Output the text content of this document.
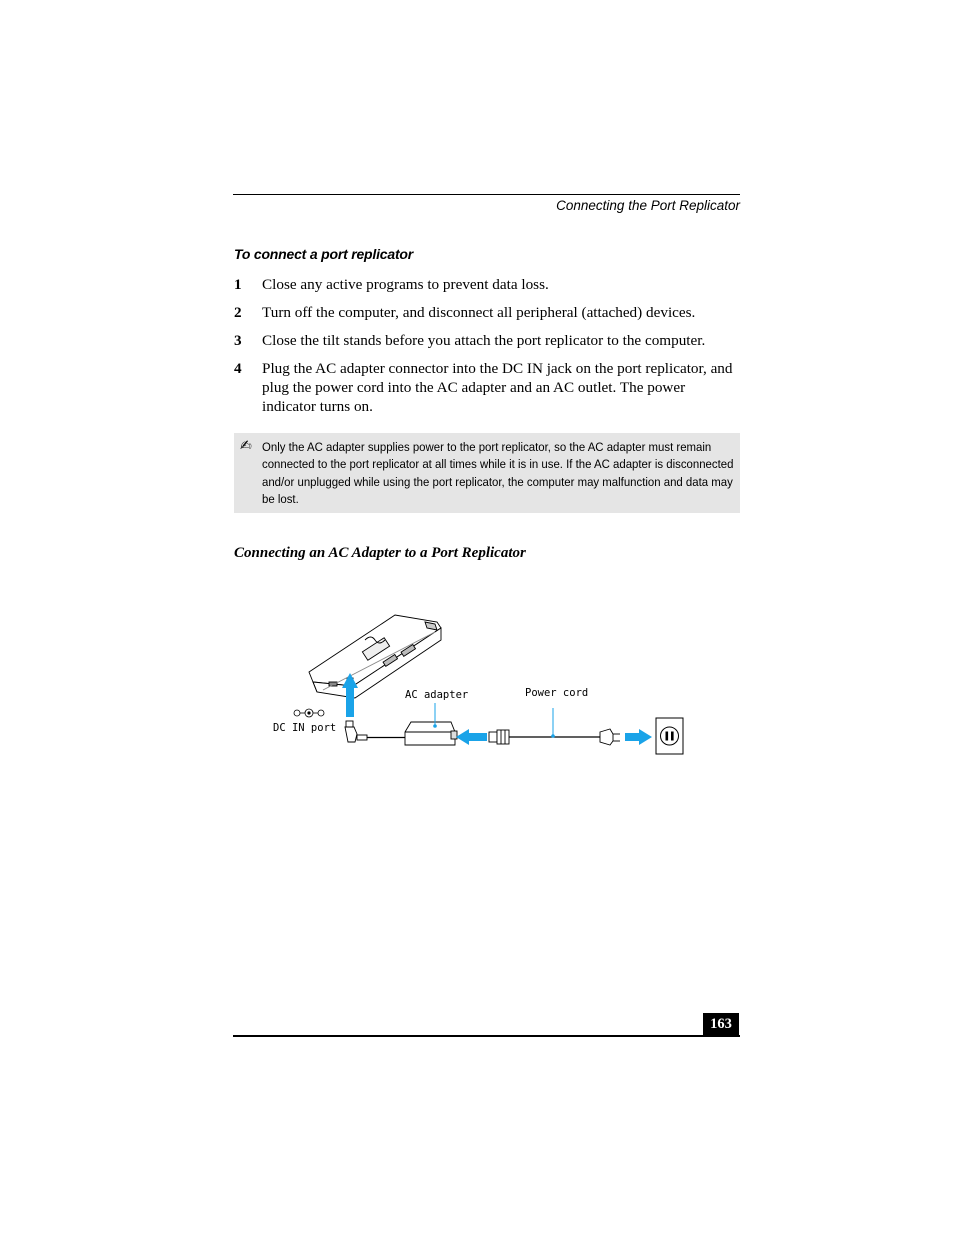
Connecting the Port Replicator
To connect a port replicator
1 Close any active programs to prevent data loss.
2 Turn off the computer, and disconnect all peripheral (attached) devices.
3 Close the tilt stands before you attach the port replicator to the computer.
4 Plug the AC adapter connector into the DC IN jack on the port replicator, and plug the power cord into the AC adapter and an AC outlet. The power indicator turns on.
✍ Only the AC adapter supplies power to the port replicator, so the AC adapter must remain connected to the port replicator at all times while it is in use. If the AC adapter is disconnected and/or unplugged while using the port replicator, the computer may malfunction and data may be lost.
Connecting an AC Adapter to a Port Replicator
DC IN port
AC adapter	Power cord
163
